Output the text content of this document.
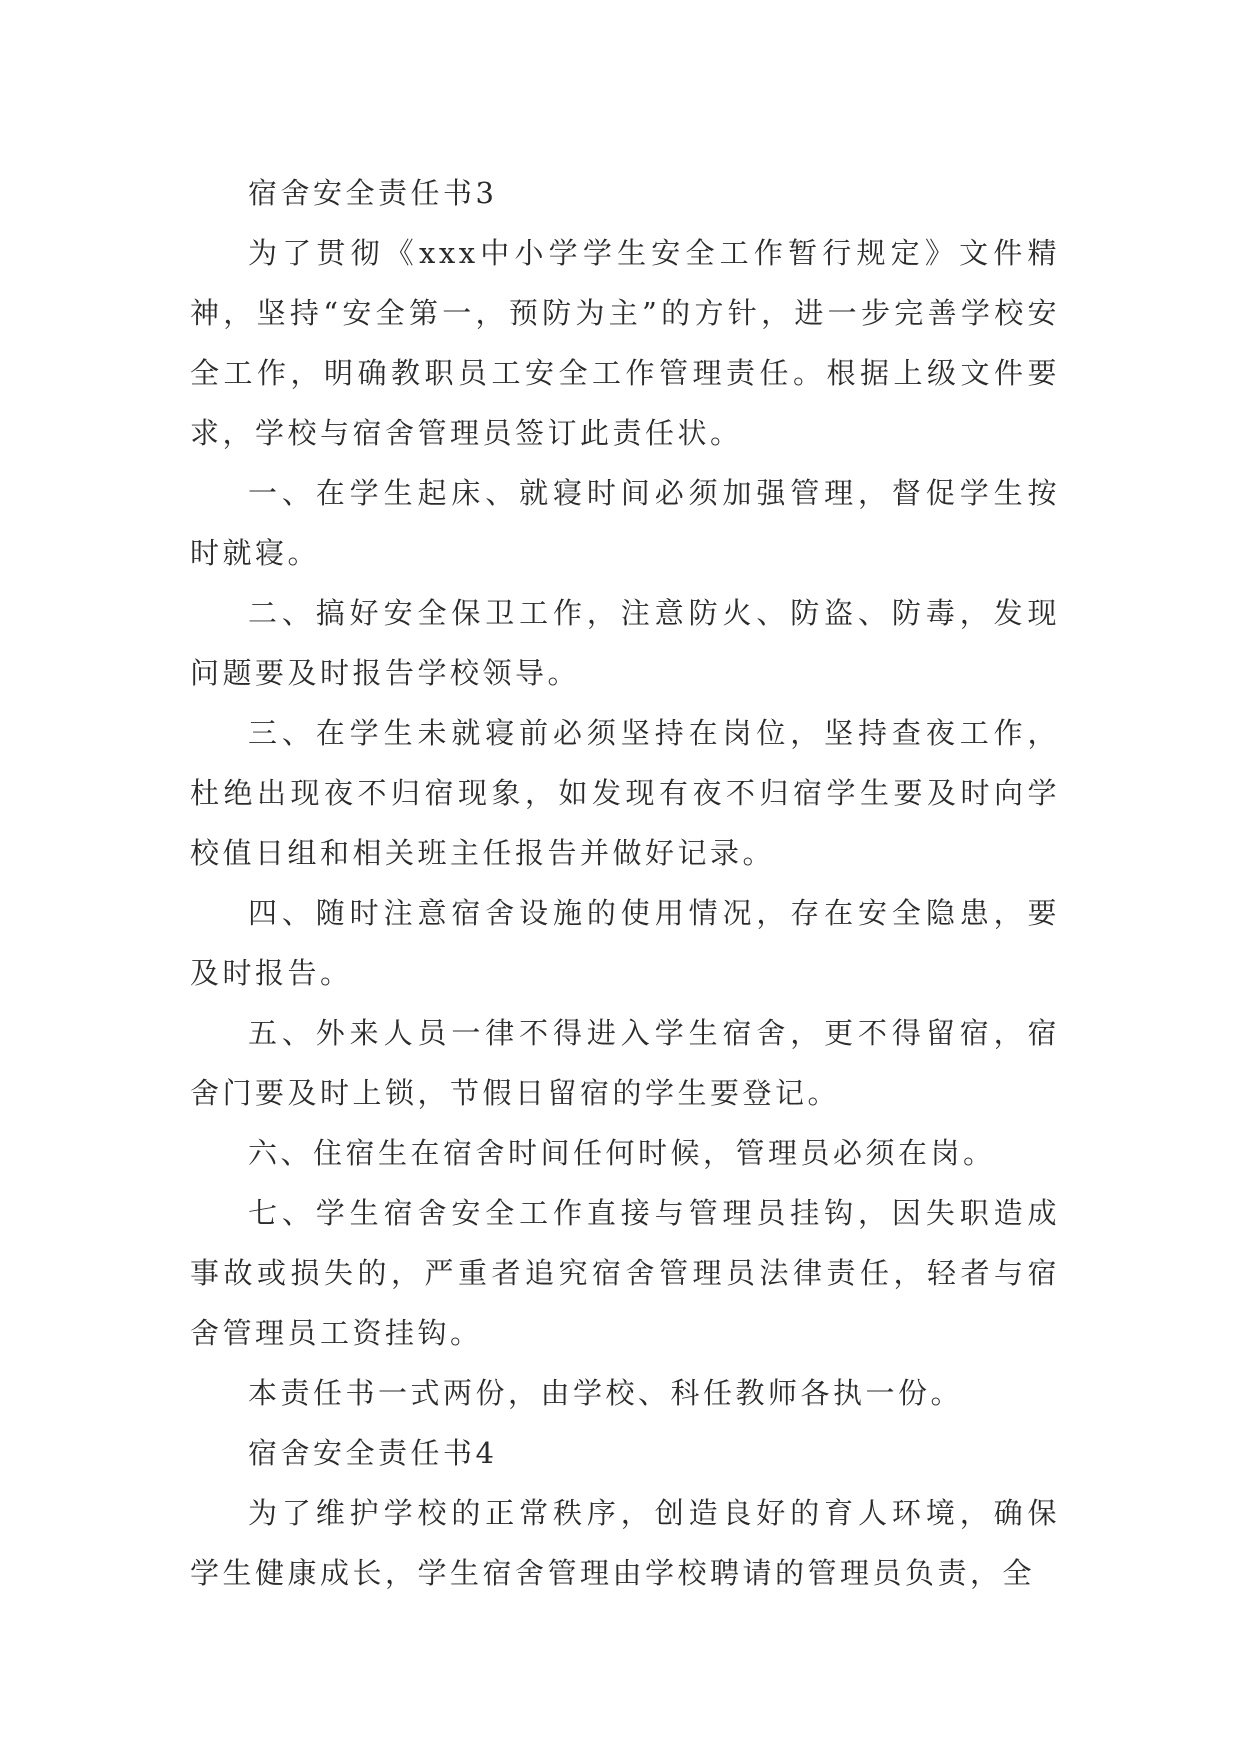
宿舍安全责任书3

为了贯彻《xxx中小学学生安全工作暂行规定》文件精神，坚持“安全第一，预防为主”的方针，进一步完善学校安全工作，明确教职员工安全工作管理责任。根据上级文件要求，学校与宿舍管理员签订此责任状。

一、在学生起床、就寝时间必须加强管理，督促学生按时就寝。

二、搞好安全保卫工作，注意防火、防盗、防毒，发现问题要及时报告学校领导。

三、在学生未就寝前必须坚持在岗位，坚持查夜工作，杜绝出现夜不归宿现象，如发现有夜不归宿学生要及时向学校值日组和相关班主任报告并做好记录。

四、随时注意宿舍设施的使用情况，存在安全隐患，要及时报告。

五、外来人员一律不得进入学生宿舍，更不得留宿，宿舍门要及时上锁，节假日留宿的学生要登记。

六、住宿生在宿舍时间任何时候，管理员必须在岗。

七、学生宿舍安全工作直接与管理员挂钩，因失职造成事故或损失的，严重者追究宿舍管理员法律责任，轻者与宿舍管理员工资挂钩。

本责任书一式两份，由学校、科任教师各执一份。

宿舍安全责任书4

为了维护学校的正常秩序，创造良好的育人环境，确保学生健康成长，学生宿舍管理由学校聘请的管理员负责，全
